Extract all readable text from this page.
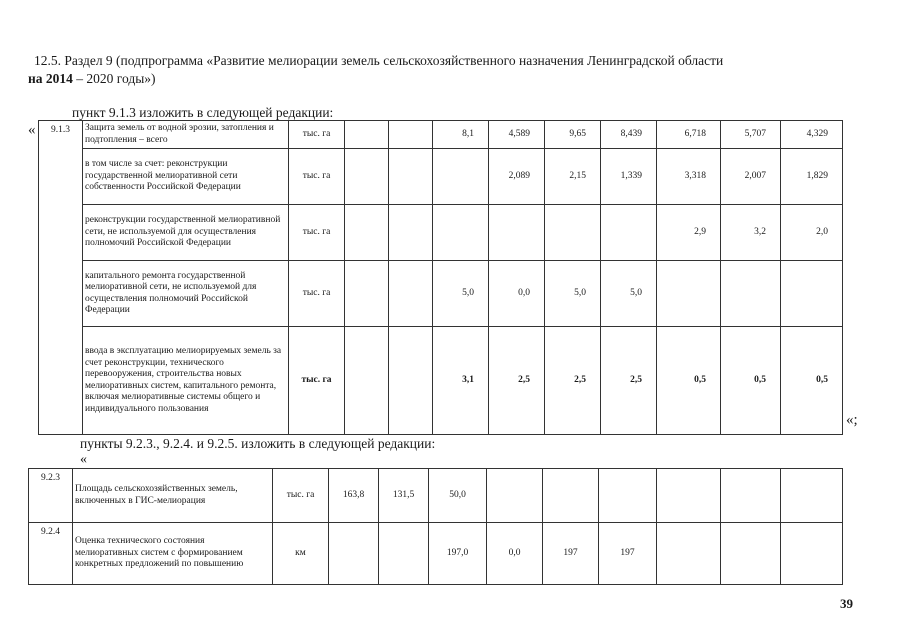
12.5. Раздел 9 (подпрограмма «Развитие мелиорации земель сельскохозяйственного назначения Ленинградской области
на 2014 – 2020 годы»)
пункт 9.1.3 изложить в следующей редакции:
« 9.1.3	Защита земель от водной эрозии, затопления и подтопления – всего	тыс. га			8,1	4,589	9,65	8,439	6,718	5,707	4,329
	в том числе за счет: реконструкции государственной мелиоративной сети собственности Российской Федерации	тыс. га				2,089	2,15	1,339	3,318	2,007	1,829
	реконструкции государственной мелиоративной сети, не используемой для осуществления полномочий Российской Федерации	тыс. га							2,9	3,2	2,0
	капитального ремонта государственной мелиоративной сети, не используемой для осуществления полномочий Российской Федерации	тыс. га			5,0	0,0	5,0	5,0			
	ввода в эксплуатацию мелиорируемых земель за счет реконструкции, технического перевооружения, строительства новых мелиоративных систем, капитального ремонта, включая мелиоративные системы общего и индивидуального пользования	тыс. га			3,1	2,5	2,5	2,5	0,5	0,5	0,5
«;
пункты 9.2.3., 9.2.4. и 9.2.5. изложить в следующей редакции:
«
9.2.3	Площадь сельскохозяйственных земель, включенных в ГИС-мелиорация	тыс. га	163,8	131,5	50,0						
9.2.4	Оценка технического состояния мелиоративных систем с формированием конкретных предложений по повышению	км			197,0	0,0	197	197			
39
